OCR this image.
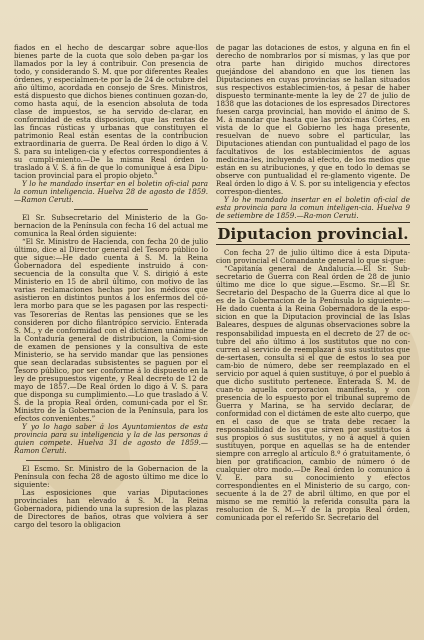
fiados en el hecho de descargar sobre aque-llos bienes parte de la cuota que solo deben pa-gar los llamados por la ley á contribuir. Con presencia de todo, y considerando S. M. que por diferentes Reales órdenes, y especialmen-te por la de 24 de octubre del año último, acordada en consejo de Sres. Ministros, está dispuesto que dichos bienes continuen gozan-do, como hasta aquí, de la esencion absoluta de toda clase de impuestos, se ha servido de-clarar, en conformidad de esta disposicion, que las rentas de las fincas rústicas y urbanas que constituyen el patrimonio Real están esentas de la contribucion extraordinaria de guerra. De Real órden lo digo á V. S. para su inteligen-cia y efectos correspondientes á su cumpli-miento.—De la misma Real órden lo traslado á V. S. á fin de que lo comunique á esa Dipu-tacion provincial para el propio objeto.”

Y lo he mandado insertar en el boletin ofi-cial para la comun inteligencia. Huelva 28 de agosto de 1859.—Ramon Ceruti.

El Sr. Subsecretario del Ministerio de la Go-bernacion de la Península con fecha 16 del actual me comunica la Real órden siguiente:

“El Sr. Ministro de Hacienda, con fecha 20 de julio último, dice al Director general del Tesoro público lo que sigue:—He dado cuenta á S. M. la Reina Gobernadora del espediente instruido á con-secuencia de la consulta que V. S. dirigió á este Ministerio en 15 de abril último, con motivo de las varias reclamaciones hechas por los médicos que asistieron en distintos puntos á los enfermos del có-lera morbo para que se les pagasen por las respecti-vas Tesorerías de Rentas las pensiones que se les consideren por dicho filantrópico servicio. Enterada S. M., y de conformidad con el dictámen unánime de la Contaduría general de distribucion, la Comi-sion de examen de pensiones y la consultiva de este Ministerio, se ha servido mandar que las pensiones que sean declaradas subsistentes se paguen por el Tesoro público, por ser conforme á lo dispuesto en la ley de presupuestos vigente, y Real decreto de 12 de mayo de 1857.—De Real órden lo digo á V. S. para que disponga su cumplimiento.—Lo que traslado á V. S. de la propia Real órden, comuni-cada por el Sr. Ministro de la Gobernacion de la Península, para los efectos convenientes.”

Y yo lo hago saber á los Ayuntamientos de esta provincia para su inteligencia y la de las personas á quien compete. Huelva 31 de agosto de 1859.—Ramon Ceruti.

El Escmo. Sr. Ministro de la Gobernacion de la Península con fecha 28 de agosto último me dice lo siguiente:

Las esposiciones que varias Diputaciones provinciales han elevado á S. M. la Reina Gobernadora, pidiendo una la supresion de las plazas de Directores de baños, otras que volviera á ser cargo del tesoro la obligacion

de pagar las dotaciones de estos, y alguna en fin el derecho de nombrarlos por sí mismas, y las que por otra parte han dirigido muchos directores quejándose del abandono en que los tienen las Diputaciones en cuyas provincias se hallan situados sus respectivos establecimien-tos, á pesar de haber dispuesto terminante-mente la ley de 27 de julio de 1838 que las dotaciones de los espresados Directores fuesen carga provincial, han movido el ánimo de S. M. á mandar que hasta que las próxi-mas Córtes, en vista de lo que el Gobierno les haga presente, resuelvan de nuevo sobre el particular, las Diputaciones atiendan con puntualidad el pago de los facultativos de los establecimientos de aguas medicina-les, incluyendo al efecto, de los medios que están en su atribuciones, y que en todo lo demas se observe con puntualidad el re-glamento vigente. De Real órden lo digo á V. S. por su inteligencia y efectos correspon-dientes.

Y lo he mandado insertar en el boletin ofi-cial de esta provincia para la comun inteligen-cia. Huelva 9 de setiembre de 1859.—Ra-mon Ceruti.

Diputacion provincial.

Con fecha 27 de julio último dice á esta Diputa-cion provincial el Comandante general lo que si-gue:

“Capitanía general de Andalucía.—El Sr. Sub-secretario de Guerra con Real órden de 28 de junio último me dice lo que sigue.—Escmo. Sr.—El Sr. Secretario del Despacho de la Guerra dice al que lo es de la Gobernacion de la Península lo siguiente:—He dado cuenta á la Reina Gobernadora de la espo-sicion en que la Diputacion provincial de las Islas Baleares, despues de algunas observaciones sobre la responsabilidad impuesta en el decreto de 27 de oc-tubre del año último á los sustitutos que no con-curren al servicio de reemplazar á sus sustitutos que de-sertasen, consulta si el que de estos lo sea por cam-bio de número, debe ser reemplazado en el servicio por aquel á quien sustituye, ó por el pueblo á que dicho sustituto pertenece. Enterada S. M. de cuan-to aquella corporacion manifiesta, y con presencia de lo espuesto por el tribunal supremo de Guerra y Marina, se ha servido declarar, de conformidad con el dictámen de este alto cuerpo, que en el caso de que se trata debe recaer la responsabilidad de los que sirven por sustitu-tos á sus propios ó sus sustitutos, y no á aquel á quien sustituyen, porque en aquellas se ha de entender siempre con arreglo al artículo 8.º ó gratuitamente, ó bien por gratificacion, cambio de número ó de cualquier otro modo.—De Real órden lo comunico á V. E. para su conocimiento y efectos correspondientes en el Ministerio de su cargo, con-secuente á la de 27 de abril último, en que por el mismo se me remitió la referida consulta para la resolucion de S. M.—Y de la propia Real órden, comunicada por el referido Sr. Secretario del
